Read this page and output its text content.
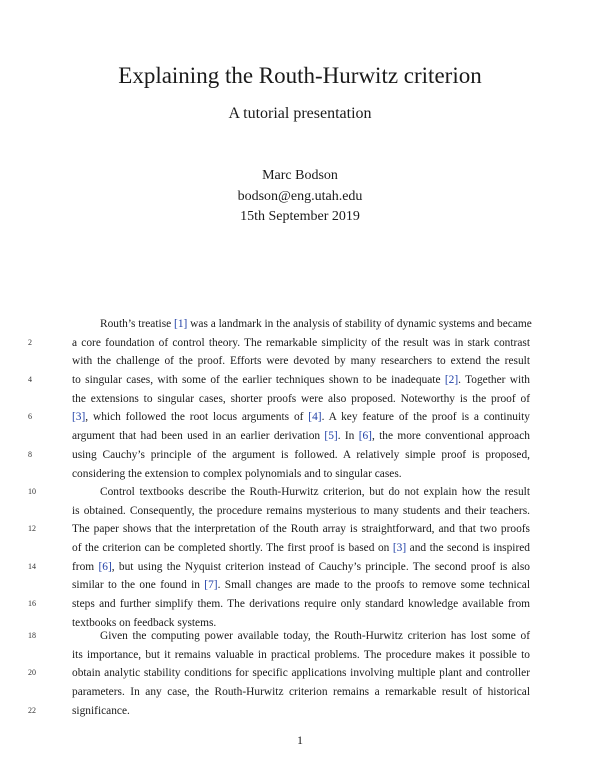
Explaining the Routh-Hurwitz criterion
A tutorial presentation
Marc Bodson
bodson@eng.utah.edu
15th September 2019
Routh’s treatise [1] was a landmark in the analysis of stability of dynamic systems and became
a core foundation of control theory. The remarkable simplicity of the result was in stark contrast
2
with the challenge of the proof. Efforts were devoted by many researchers to extend the result
to singular cases, with some of the earlier techniques shown to be inadequate [2]. Together with
4
the extensions to singular cases, shorter proofs were also proposed. Noteworthy is the proof of
[3], which followed the root locus arguments of [4]. A key feature of the proof is a continuity
6
argument that had been used in an earlier derivation [5]. In [6], the more conventional approach
using Cauchy’s principle of the argument is followed. A relatively simple proof is proposed,
8
considering the extension to complex polynomials and to singular cases.
Control textbooks describe the Routh-Hurwitz criterion, but do not explain how the result
10
is obtained. Consequently, the procedure remains mysterious to many students and their teachers.
The paper shows that the interpretation of the Routh array is straightforward, and that two proofs
12
of the criterion can be completed shortly. The first proof is based on [3] and the second is inspired
from [6], but using the Nyquist criterion instead of Cauchy’s principle. The second proof is also
14
similar to the one found in [7]. Small changes are made to the proofs to remove some technical
steps and further simplify them. The derivations require only standard knowledge available from
16
textbooks on feedback systems.
Given the computing power available today, the Routh-Hurwitz criterion has lost some of
18
its importance, but it remains valuable in practical problems. The procedure makes it possible to
obtain analytic stability conditions for specific applications involving multiple plant and controller
20
parameters. In any case, the Routh-Hurwitz criterion remains a remarkable result of historical
significance.
22
1
